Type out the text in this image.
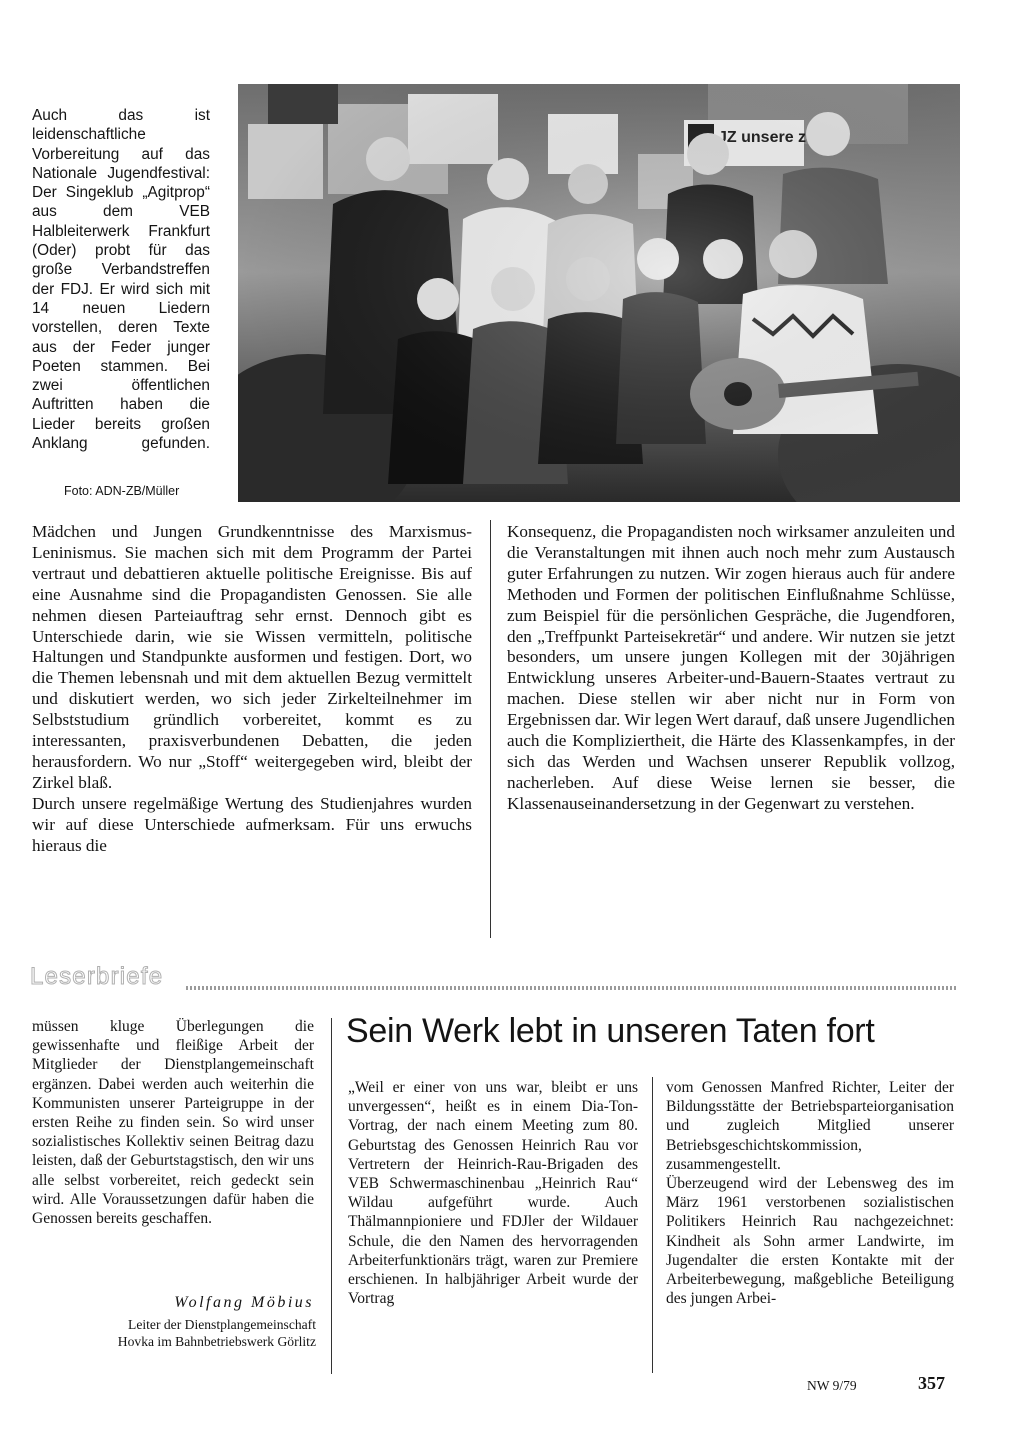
Auch das ist leidenschaftliche Vorbereitung auf das Nationale Jugendfestival: Der Singeklub „Agitprop“ aus dem VEB Halbleiterwerk Frankfurt (Oder) probt für das große Verbandstreffen der FDJ. Er wird sich mit 14 neuen Liedern vorstellen, deren Texte aus der Feder junger Poeten stammen. Bei zwei öffentlichen Auftritten haben die Lieder bereits großen Anklang gefunden.

Foto: ADN-ZB/Müller

Mädchen und Jungen Grundkenntnisse des Marxismus-Leninismus. Sie machen sich mit dem Programm der Partei vertraut und debattieren aktuelle politische Ereignisse. Bis auf eine Ausnahme sind die Propagandisten Genossen. Sie alle nehmen diesen Parteiauftrag sehr ernst. Dennoch gibt es Unterschiede darin, wie sie Wissen vermitteln, politische Haltungen und Standpunkte ausformen und festigen. Dort, wo die Themen lebensnah und mit dem aktuellen Bezug vermittelt und diskutiert werden, wo sich jeder Zirkelteilnehmer im Selbststudium gründlich vorbereitet, kommt es zu interessanten, praxisverbundenen Debatten, die jeden herausfordern. Wo nur „Stoff“ weitergegeben wird, bleibt der Zirkel blaß.

Durch unsere regelmäßige Wertung des Studienjahres wurden wir auf diese Unterschiede aufmerksam. Für uns erwuchs hieraus die

Konsequenz, die Propagandisten noch wirksamer anzuleiten und die Veranstaltungen mit ihnen auch noch mehr zum Austausch guter Erfahrungen zu nutzen. Wir zogen hieraus auch für andere Methoden und Formen der politischen Einflußnahme Schlüsse, zum Beispiel für die persönlichen Gespräche, die Jugendforen, den „Treffpunkt Parteisekretär“ und andere. Wir nutzen sie jetzt besonders, um unsere jungen Kollegen mit der 30jährigen Entwicklung unseres Arbeiter-und-Bauern-Staates vertraut zu machen. Diese stellen wir aber nicht nur in Form von Ergebnissen dar. Wir legen Wert darauf, daß unsere Jugendlichen auch die Kompliziertheit, die Härte des Klassenkampfes, in der sich das Werden und Wachsen unserer Republik vollzog, nacherleben. Auf diese Weise lernen sie besser, die Klassenauseinandersetzung in der Gegenwart zu verstehen.

Leserbriefe

müssen kluge Überlegungen die gewissenhafte und fleißige Arbeit der Mitglieder der Dienstplangemeinschaft ergänzen. Dabei werden auch weiterhin die Kommunisten unserer Parteigruppe in der ersten Reihe zu finden sein. So wird unser sozialistisches Kollektiv seinen Beitrag dazu leisten, daß der Geburtstagstisch, den wir uns alle selbst vorbereitet, reich gedeckt sein wird. Alle Voraussetzungen dafür haben die Genossen bereits geschaffen.

Wolfang Möbius
Leiter der Dienstplangemeinschaft
Hovka im Bahnbetriebswerk Görlitz
Sein Werk lebt in unseren Taten fort

„Weil er einer von uns war, bleibt er uns unvergessen“, heißt es in einem Dia-Ton-Vortrag, der nach einem Meeting zum 80. Geburtstag des Genossen Heinrich Rau vor Vertretern der Heinrich-Rau-Brigaden des VEB Schwermaschinenbau „Heinrich Rau“ Wildau aufgeführt wurde. Auch Thälmannpioniere und FDJler der Wildauer Schule, die den Namen des hervorragenden Arbeiterfunktionärs trägt, waren zur Premiere erschienen. In halbjähriger Arbeit wurde der Vortrag

vom Genossen Manfred Richter, Leiter der Bildungsstätte der Betriebsparteiorganisation und zugleich Mitglied unserer Betriebsgeschichtskommission, zusammengestellt.

Überzeugend wird der Lebensweg des im März 1961 verstorbenen sozialistischen Politikers Heinrich Rau nachgezeichnet: Kindheit als Sohn armer Landwirte, im Jugendalter die ersten Kontakte mit der Arbeiterbewegung, maßgebliche Beteiligung des jungen Arbei-

NW 9/79	357
